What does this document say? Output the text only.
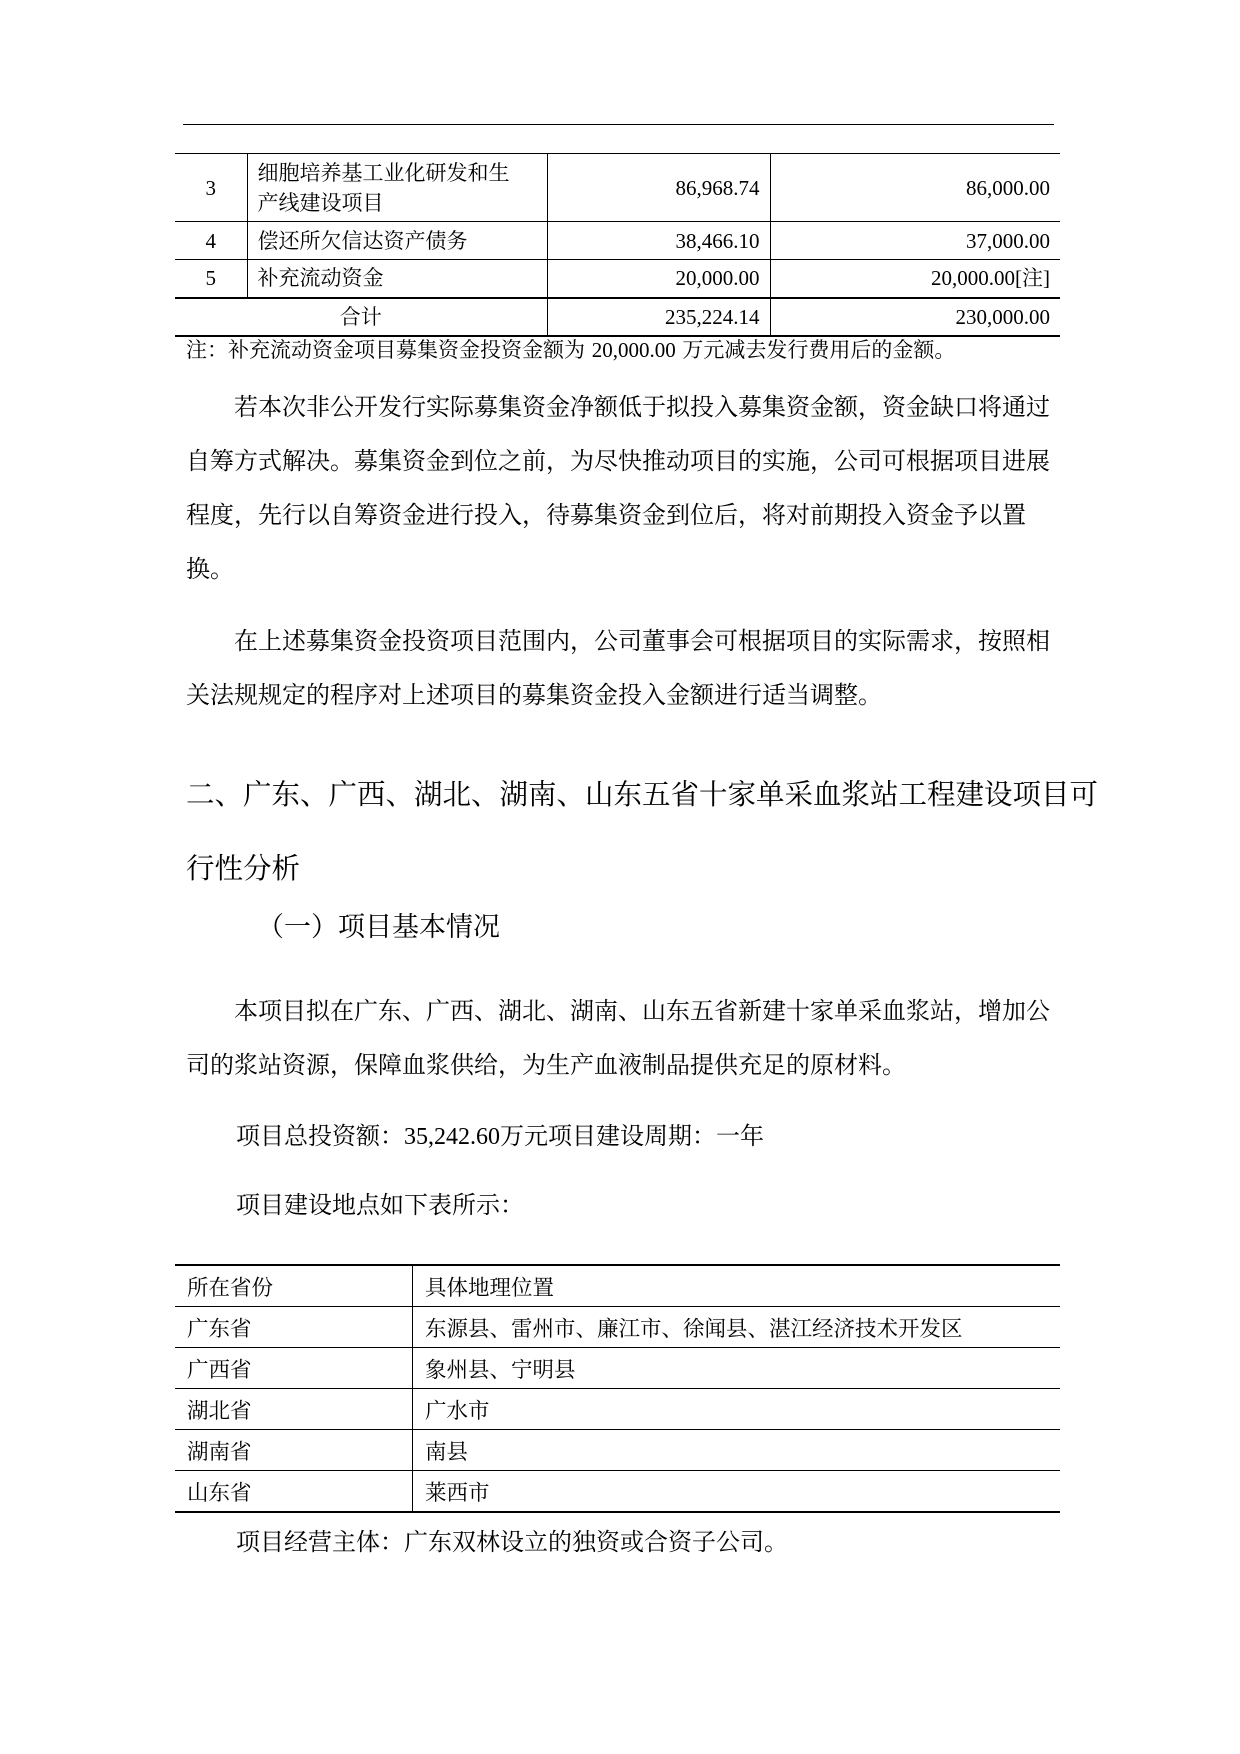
3	细胞培养基工业化研发和生
产线建设项目	86,968.74	86,000.00
4	偿还所欠信达资产债务	38,466.10	37,000.00
5	补充流动资金	20,000.00	20,000.00[注]
合计		235,224.14	230,000.00
注：补充流动资金项目募集资金投资金额为 20,000.00 万元减去发行费用后的金额。

若本次非公开发行实际募集资金净额低于拟投入募集资金额，资金缺口将通过自筹方式解决。募集资金到位之前，为尽快推动项目的实施，公司可根据项目进展程度，先行以自筹资金进行投入，待募集资金到位后，将对前期投入资金予以置换。

在上述募集资金投资项目范围内，公司董事会可根据项目的实际需求，按照相关法规规定的程序对上述项目的募集资金投入金额进行适当调整。

二、广东、广西、湖北、湖南、山东五省十家单采血浆站工程建设项目可行性分析
（一）项目基本情况

本项目拟在广东、广西、湖北、湖南、山东五省新建十家单采血浆站，增加公司的浆站资源，保障血浆供给，为生产血液制品提供充足的原材料。

项目总投资额：35,242.60万元项目建设周期：一年
项目建设地点如下表所示：
所在省份	具体地理位置
广东省	东源县、雷州市、廉江市、徐闻县、湛江经济技术开发区
广西省	象州县、宁明县
湖北省	广水市
湖南省	南县
山东省	莱西市
项目经营主体：广东双林设立的独资或合资子公司。
